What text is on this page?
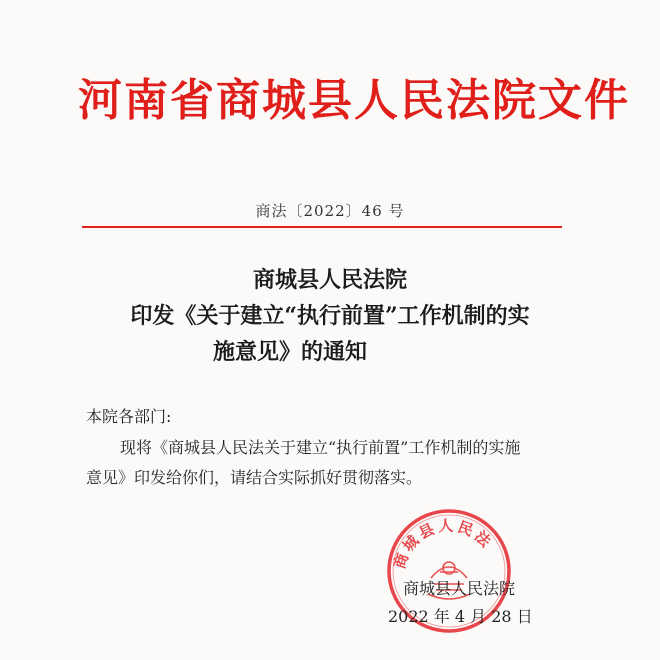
河南省商城县人民法院文件
商法〔2022〕46 号
商城县人民法院
印发《关于建立“执行前置”工作机制的实
施意见》的通知
本院各部门:
现将《商城县人民法关于建立“执行前置”工作机制的实施
意见》印发给你们，请结合实际抓好贯彻落实。
商城县人民法
商城县人民法院
2022 年 4 月 28 日
